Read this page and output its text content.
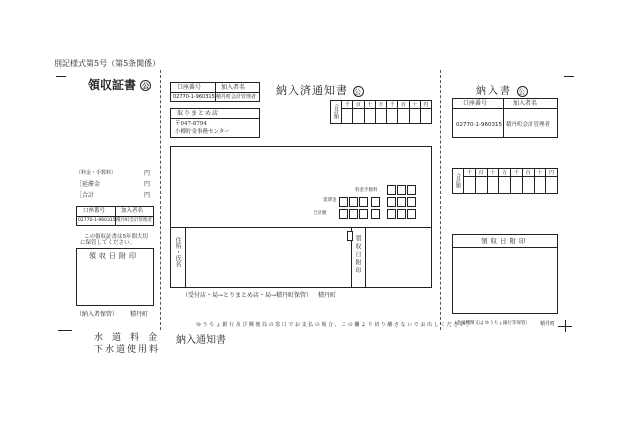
別記様式第5号（第5条関係）
領収証書 公
（料金・手数料）	円
［延滞金	円
［合計	円
口座番号	加入者名
02770-1-960315 積丹町会計管理者
この領収証書は5年間大切
に保管してください。
領収日附印
（納入者保管） 積丹町
口座番号	加入者名
02770-1-960315 積丹町会計管理者 納入済通知書 公
取りまとめ店
〒047-8794
小樽貯金事務センター
合計額	千	百	十	万	千	百	十	円
住所・氏名	領収日附印
料金手数料
延滞金
合計額
（受付店・局→とりまとめ店・局→積丹町保管） 積丹町
納入書 公
口座番号	加入者名
02770-1-960315 積丹町会計管理者
合計額	千	百	十	万	千	百	十	円
領収日附印
（金融機関又は ゆうちょ銀行等保管） 積丹町
ゆうちょ銀行及び郵便局の窓口でお支払の場合、この欄より切り離さないでお出しください。
水道料金
下水道使用料
納入通知書
